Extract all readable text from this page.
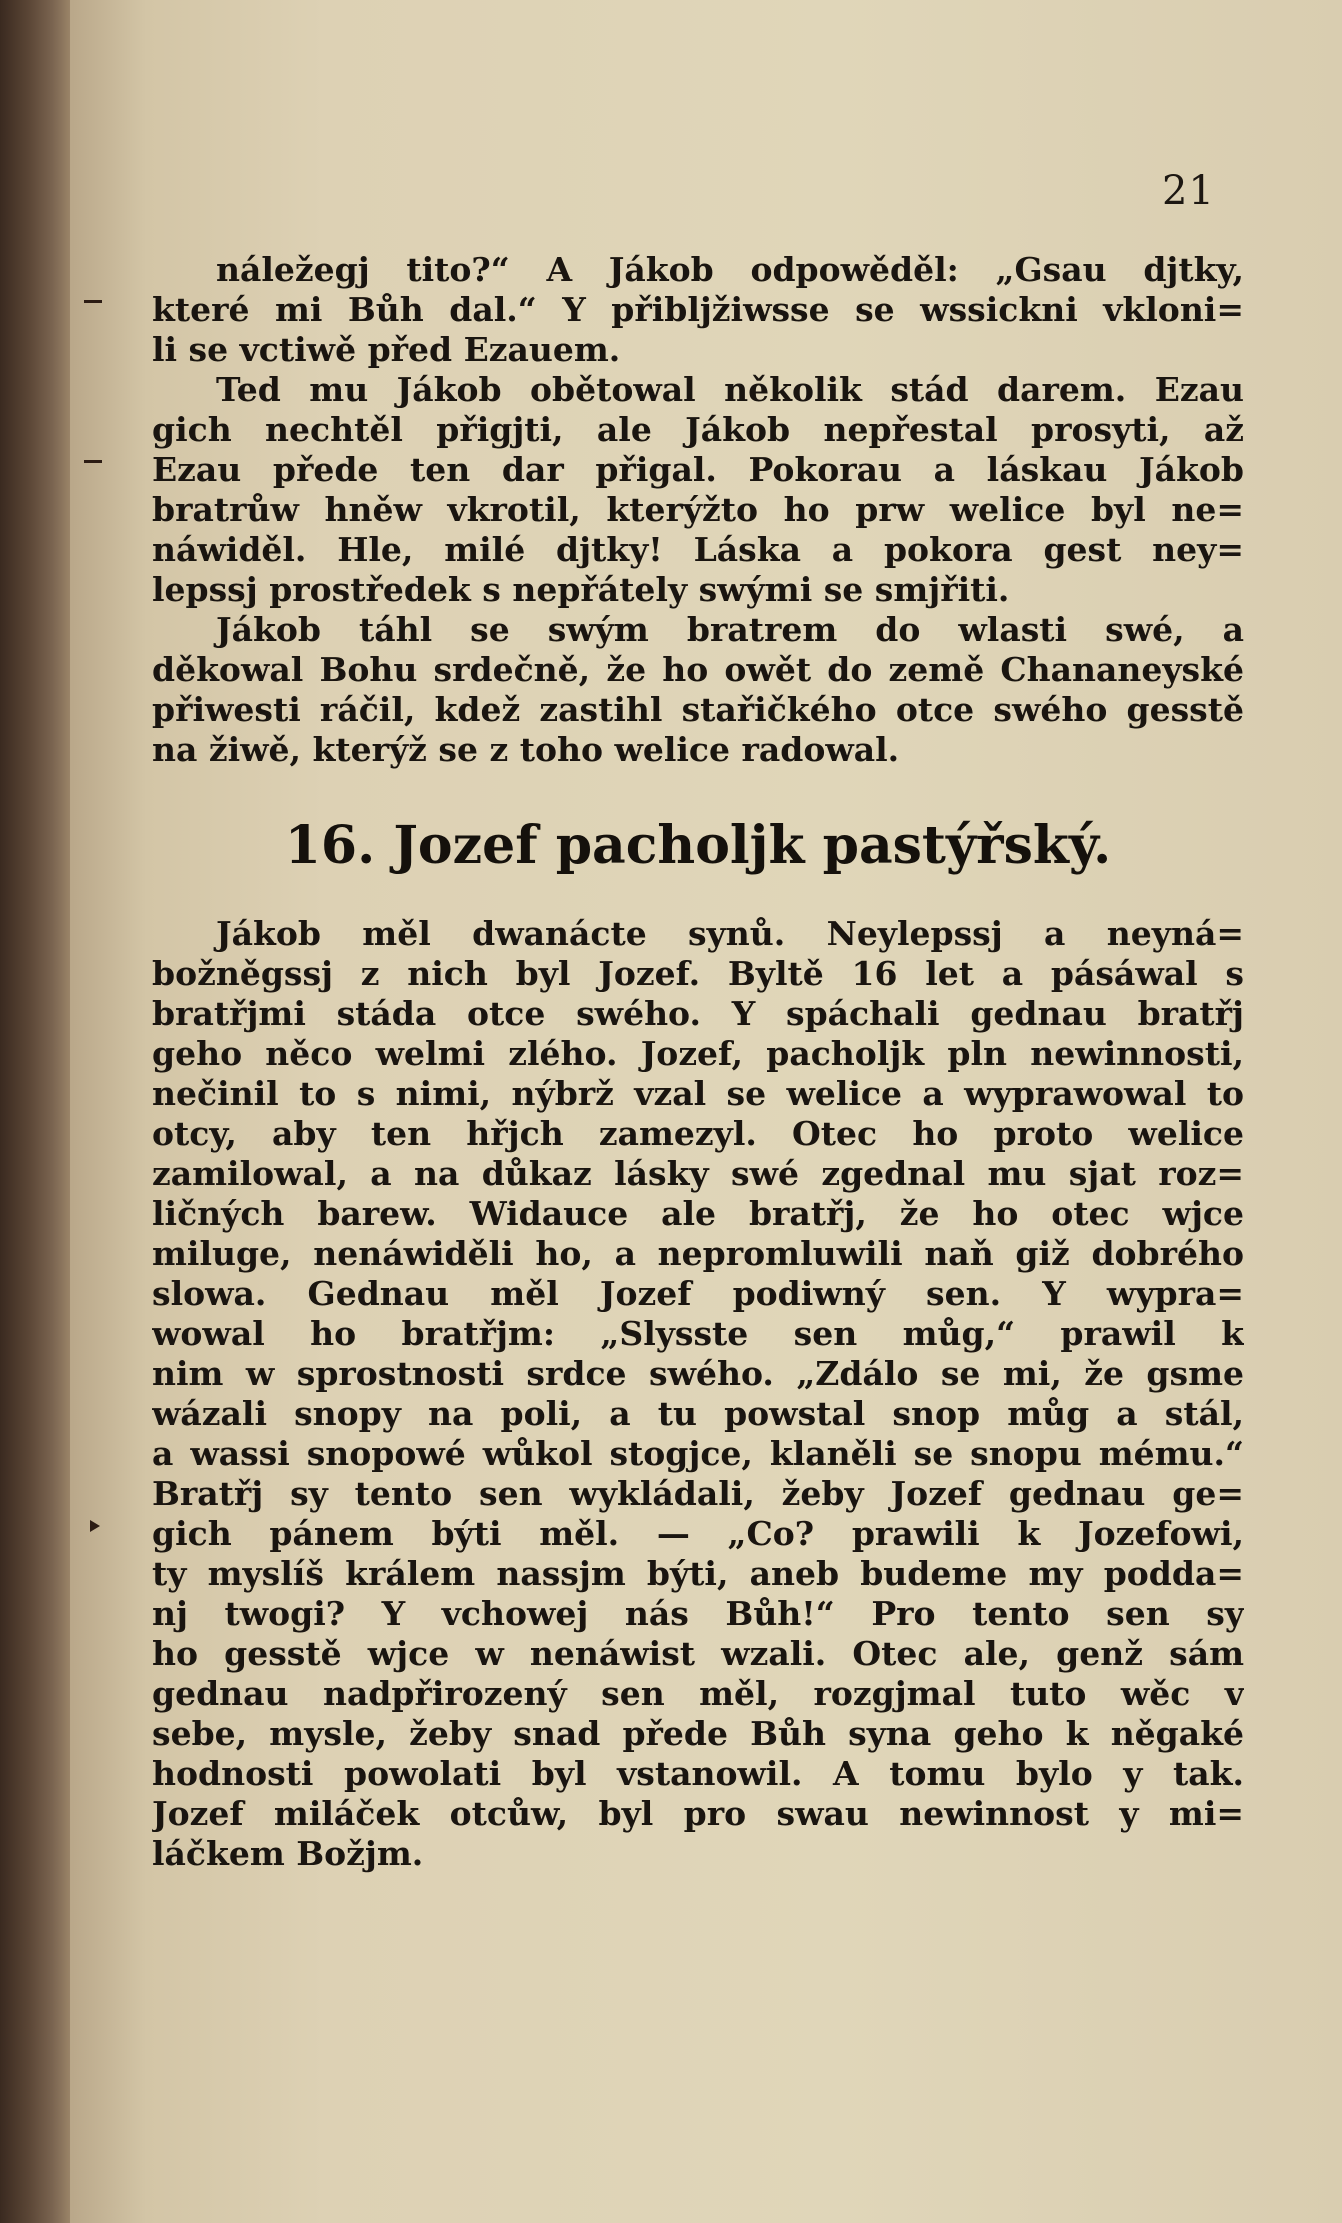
21
náležegj tito?“ A Jákob odpowěděl: „Gsau djtky,
které mi Bůh dal.“ Y přibljžiwsse se wssickni vkloni=
li se vctiwě před Ezauem.
Ted mu Jákob obětowal několik stád darem. Ezau
gich nechtěl přigjti, ale Jákob nepřestal prosyti, až
Ezau přede ten dar přigal. Pokorau a láskau Jákob
bratrůw hněw vkrotil, kterýžto ho prw welice byl ne=
náwiděl. Hle, milé djtky! Láska a pokora gest ney=
lepssj prostředek s nepřátely swými se smjřiti.
Jákob táhl se swým bratrem do wlasti swé, a
děkowal Bohu srdečně, že ho owět do země Chananeyské
přiwesti ráčil, kdež zastihl stařičkého otce swého gesstě
na žiwě, kterýž se z toho welice radowal.
16. Jozef pacholjk pastýřský.
Jákob měl dwanácte synů. Neylepssj a neyná=
božněgssj z nich byl Jozef. Byltě 16 let a pásáwal s
bratřjmi stáda otce swého. Y spáchali gednau bratřj
geho něco welmi zlého. Jozef, pacholjk pln newinnosti,
nečinil to s nimi, nýbrž vzal se welice a wyprawowal to
otcy, aby ten hřjch zamezyl. Otec ho proto welice
zamilowal, a na důkaz lásky swé zgednal mu sjat roz=
ličných barew. Widauce ale bratřj, že ho otec wjce
miluge, nenáwiděli ho, a nepromluwili naň giž dobrého
slowa. Gednau měl Jozef podiwný sen. Y wypra=
wowal ho bratřjm: „Slysste sen můg,“ prawil k
nim w sprostnosti srdce swého. „Zdálo se mi, že gsme
wázali snopy na poli, a tu powstal snop můg a stál,
a wassi snopowé wůkol stogjce, klaněli se snopu mému.“
Bratřj sy tento sen wykládali, žeby Jozef gednau ge=
gich pánem býti měl. — „Co? prawili k Jozefowi,
ty myslíš králem nassjm býti, aneb budeme my podda=
nj twogi? Y vchowej nás Bůh!“ Pro tento sen sy
ho gesstě wjce w nenáwist wzali. Otec ale, genž sám
gednau nadpřirozený sen měl, rozgjmal tuto wěc v
sebe, mysle, žeby snad přede Bůh syna geho k něgaké
hodnosti powolati byl vstanowil. A tomu bylo y tak.
Jozef miláček otcůw, byl pro swau newinnost y mi=
láčkem Božjm.
